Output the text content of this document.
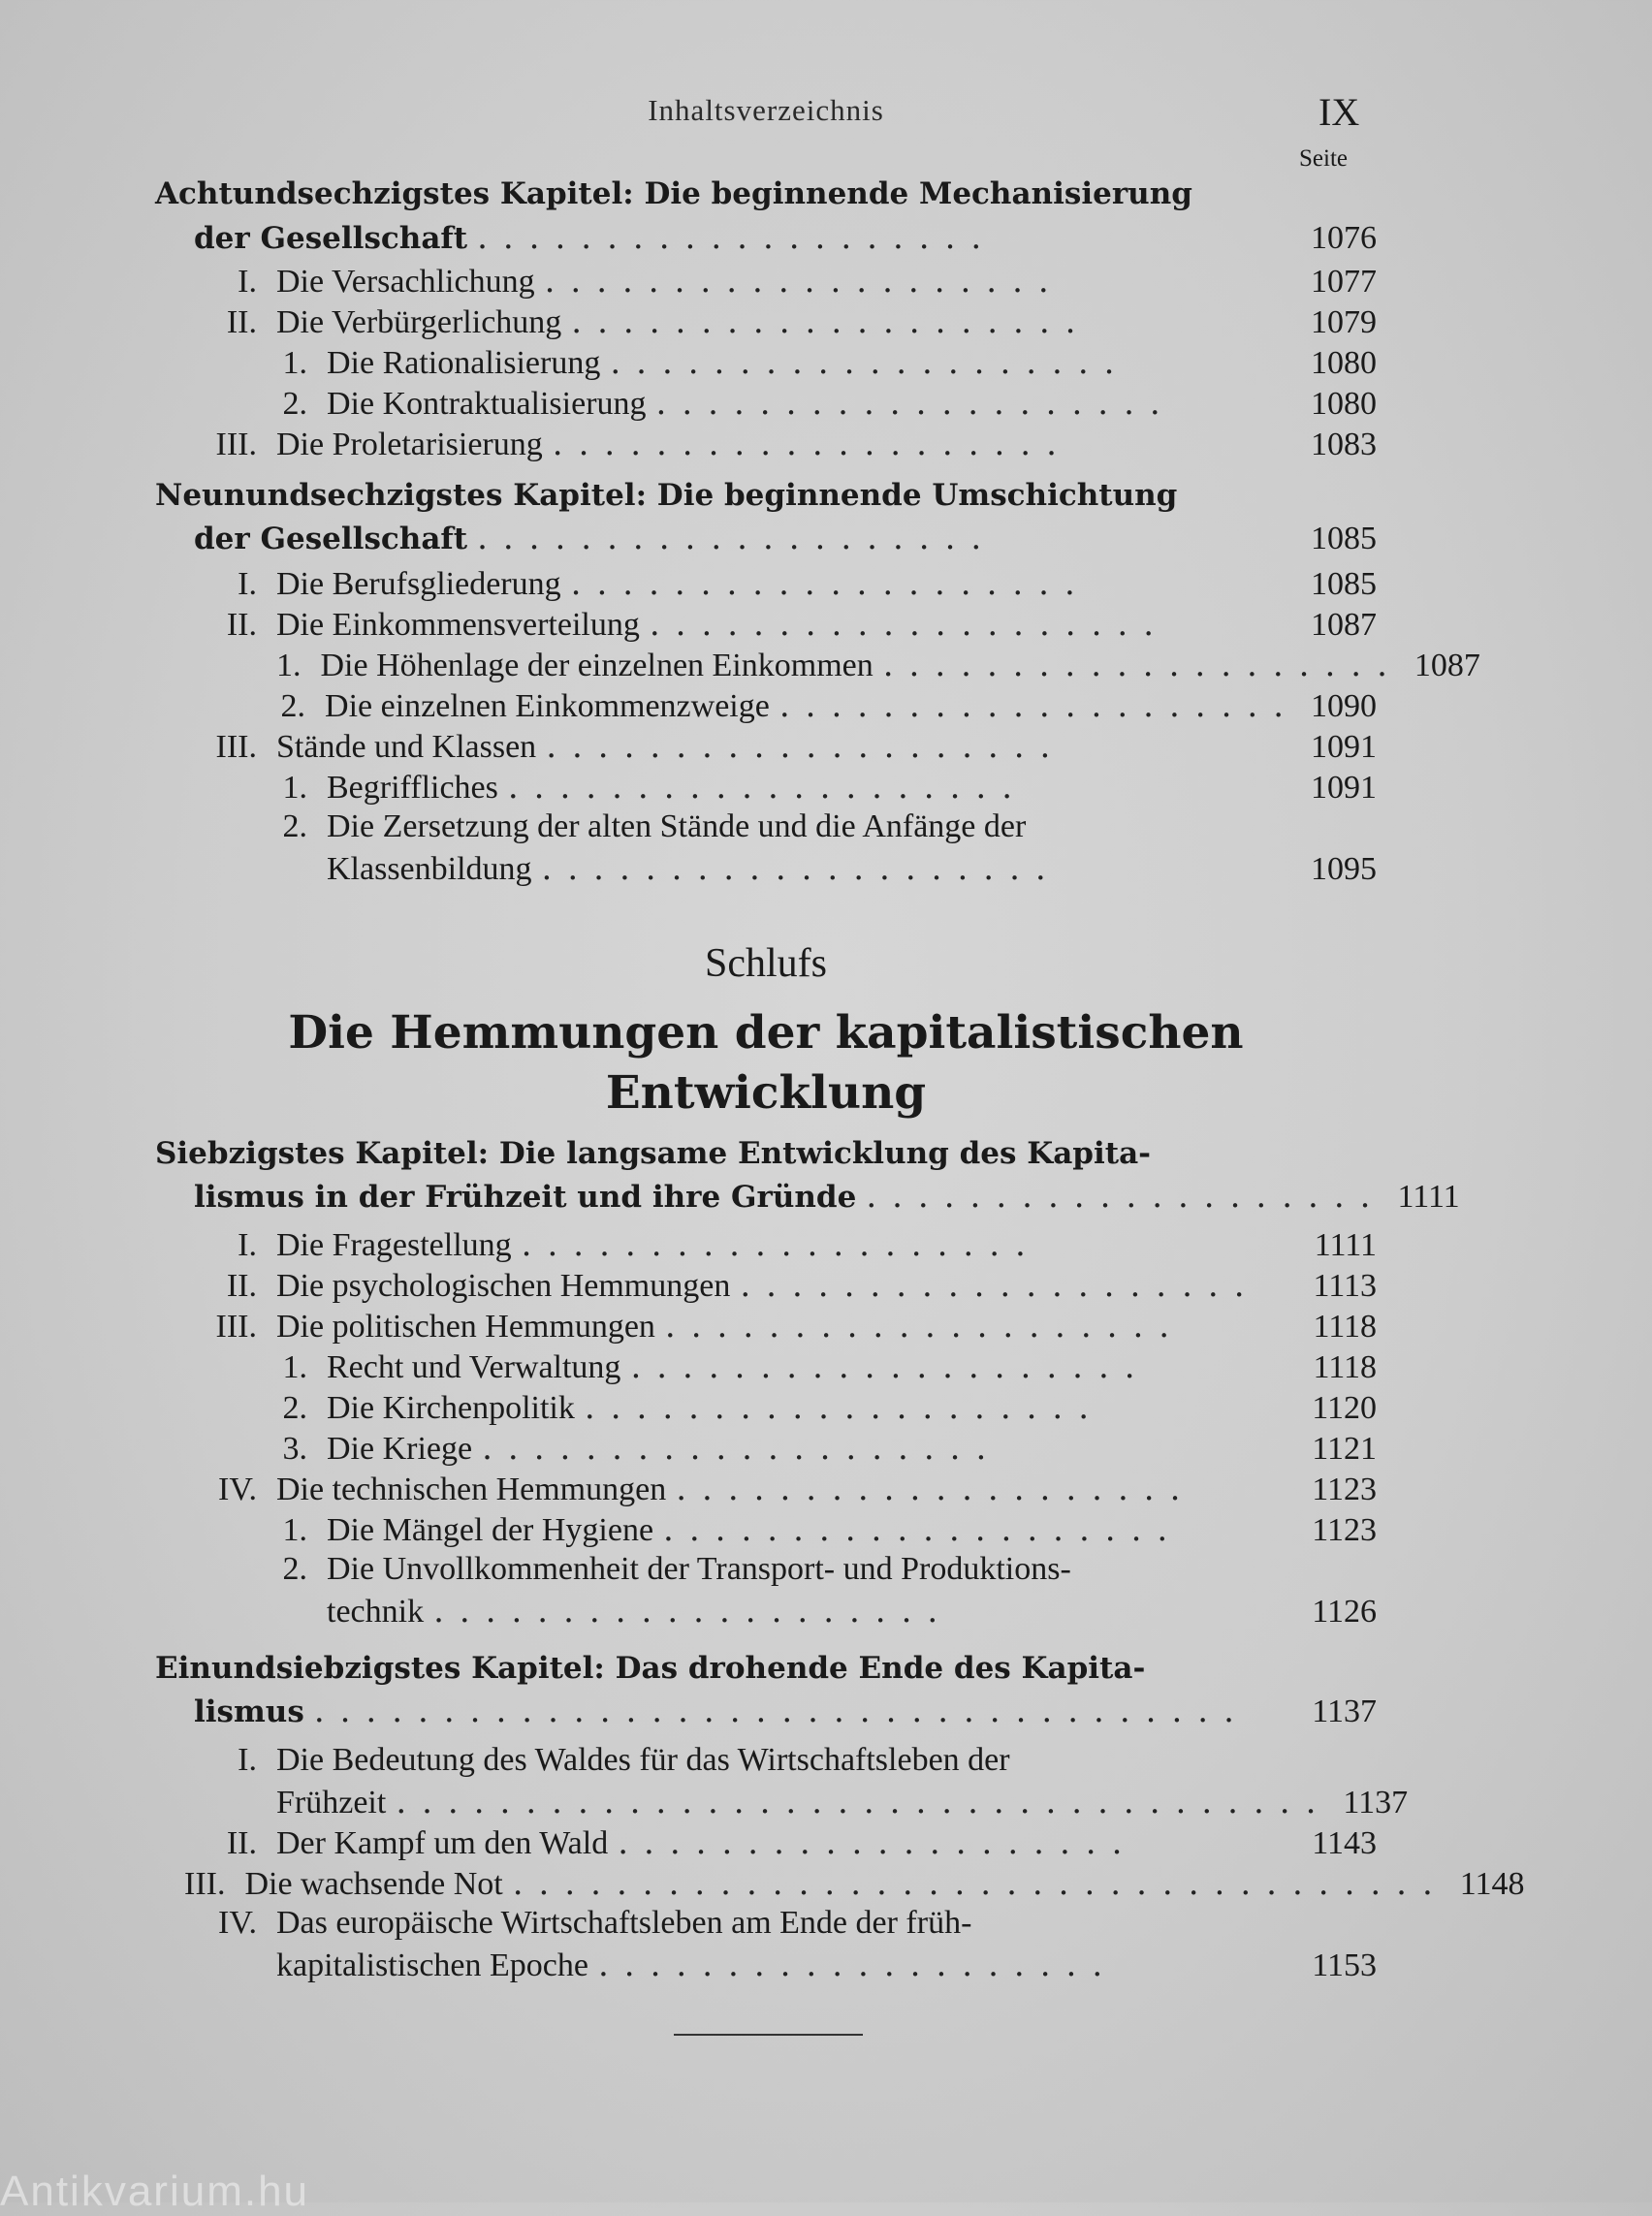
Inhaltsverzeichnis	IX
Seite
Achtundsechzigstes Kapitel: Die beginnende Mechanisierung
der Gesellschaft ....................	1076
I. Die Versachlichung ....................	1077
II. Die Verbürgerlichung ....................	1079
1. Die Rationalisierung ....................	1080
2. Die Kontraktualisierung ....................	1080
III. Die Proletarisierung ....................	1083
Neunundsechzigstes Kapitel: Die beginnende Umschichtung
der Gesellschaft ....................	1085
I. Die Berufsgliederung ....................	1085
II. Die Einkommensverteilung ....................	1087
1. Die Höhenlage der einzelnen Einkommen .................... 1087
2. Die einzelnen Einkommenzweige .................... 1090
III. Stände und Klassen ....................	1091
1. Begriffliches ....................	1091
2. Die Zersetzung der alten Stände und die Anfänge der
Klassenbildung ....................	1095
Schlufs
Die Hemmungen der kapitalistischen
Entwicklung
Siebzigstes Kapitel: Die langsame Entwicklung des Kapita-
lismus in der Frühzeit und ihre Gründe .................... 1111
I. Die Fragestellung ....................	1111
II. Die psychologischen Hemmungen ....................	1113
III. Die politischen Hemmungen ....................	1118
1. Recht und Verwaltung ....................	1118
2. Die Kirchenpolitik ....................	1120
3. Die Kriege ....................	1121
IV. Die technischen Hemmungen ....................	1123
1. Die Mängel der Hygiene ....................	1123
2. Die Unvollkommenheit der Transport- und Produktions-
technik ....................	1126
Einundsiebzigstes Kapitel: Das drohende Ende des Kapita-
lismus ....................................	1137
I. Die Bedeutung des Waldes für das Wirtschaftsleben der
Frühzeit .................................... 1137
II. Der Kampf um den Wald ....................	1143
III. Die wachsende Not .................................... 1148
IV. Das europäische Wirtschaftsleben am Ende der früh-
kapitalistischen Epoche ....................	1153
Antikvarium.hu
